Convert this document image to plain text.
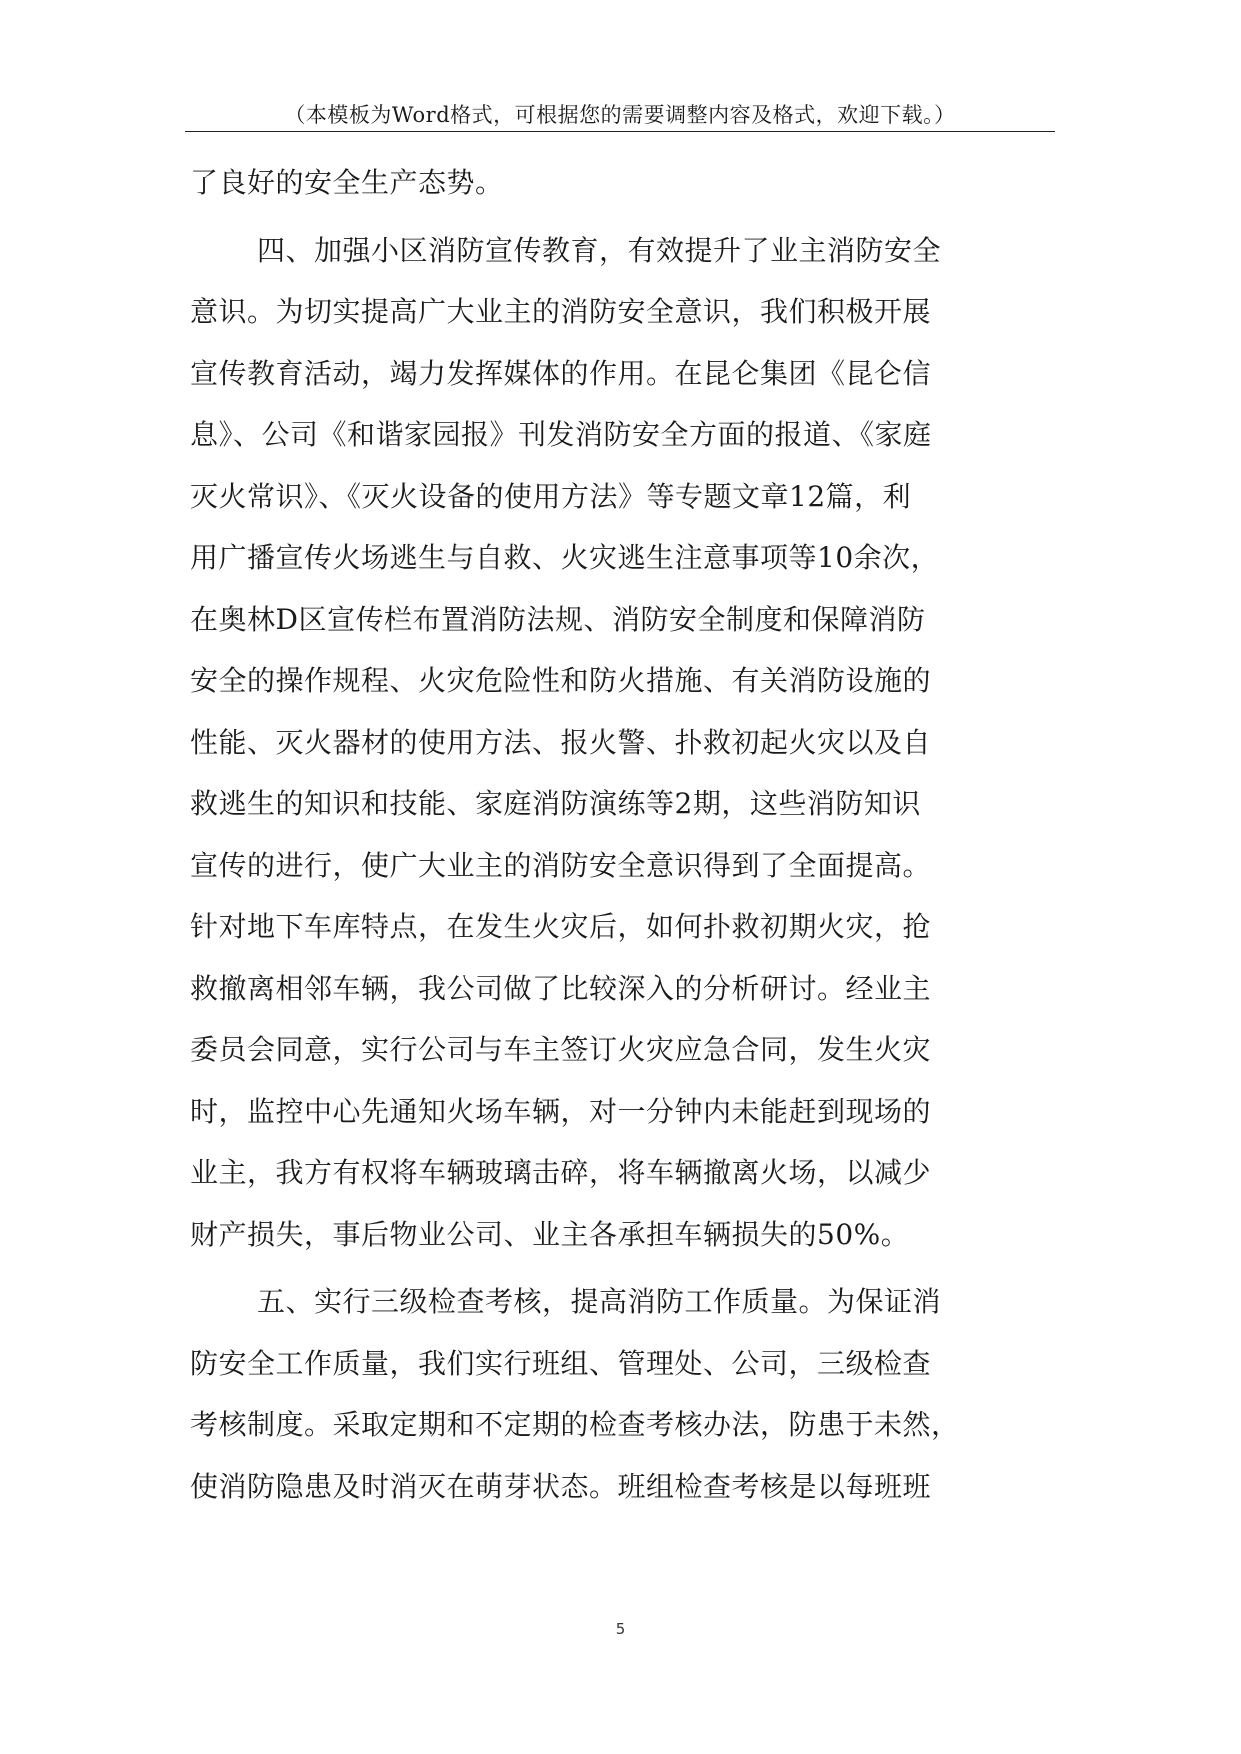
（本模板为Word格式，可根据您的需要调整内容及格式，欢迎下载。）
了良好的安全生产态势。
四、加强小区消防宣传教育，有效提升了业主消防安全
意识。为切实提高广大业主的消防安全意识，我们积极开展
宣传教育活动，竭力发挥媒体的作用。在昆仑集团《昆仑信
息》、公司《和谐家园报》刊发消防安全方面的报道、《家庭
灭火常识》、《灭火设备的使用方法》等专题文章12篇，利
用广播宣传火场逃生与自救、火灾逃生注意事项等10余次，
在奥林D区宣传栏布置消防法规、消防安全制度和保障消防
安全的操作规程、火灾危险性和防火措施、有关消防设施的
性能、灭火器材的使用方法、报火警、扑救初起火灾以及自
救逃生的知识和技能、家庭消防演练等2期，这些消防知识
宣传的进行，使广大业主的消防安全意识得到了全面提高。
针对地下车库特点，在发生火灾后，如何扑救初期火灾，抢
救撤离相邻车辆，我公司做了比较深入的分析研讨。经业主
委员会同意，实行公司与车主签订火灾应急合同，发生火灾
时，监控中心先通知火场车辆，对一分钟内未能赶到现场的
业主，我方有权将车辆玻璃击碎，将车辆撤离火场，以减少
财产损失，事后物业公司、业主各承担车辆损失的50%。
五、实行三级检查考核，提高消防工作质量。为保证消
防安全工作质量，我们实行班组、管理处、公司，三级检查
考核制度。采取定期和不定期的检查考核办法，防患于未然，
使消防隐患及时消灭在萌芽状态。班组检查考核是以每班班
5
